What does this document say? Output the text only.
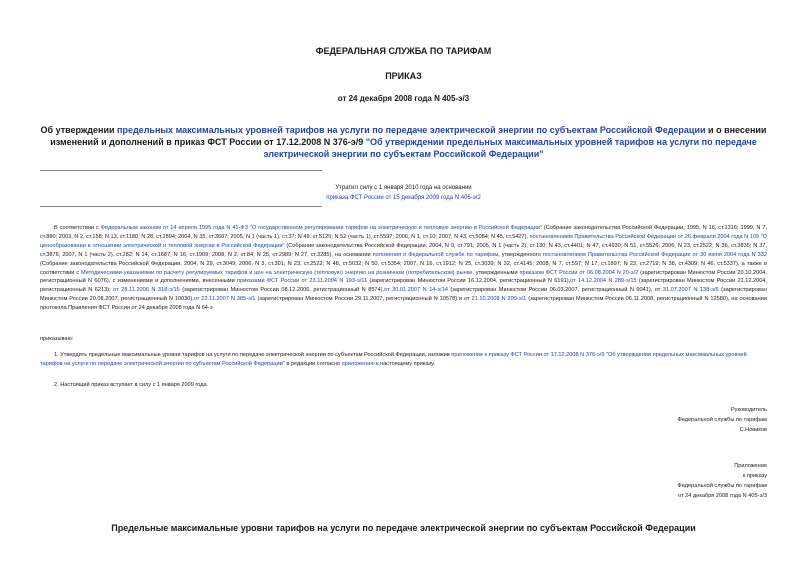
ФЕДЕРАЛЬНАЯ СЛУЖБА ПО ТАРИФАМ
ПРИКАЗ
от 24 декабря 2008 года N 405-э/3
Об утверждении предельных максимальных уровней тарифов на услуги по передаче электрической энергии по субъектам Российской Федерации и о внесении изменений и дополнений в приказ ФСТ России от 17.12.2008 N 376-э/9 "Об утверждении предельных максимальных уровней тарифов на услуги по передаче электрической энергии по субъектам Российской Федерации"
Утратил силу с 1 января 2010 года на основании
приказа ФСТ России от 15 декабря 2009 года N 406-э/2

В соответствии с Федеральным законом от 14 апреля 1995 года N 41-ФЗ "О государственном регулировании тарифов на электрическую и тепловую энергию в Российской Федерации" (Собрание законодательства Российской Федерации, 1995, N 16, ст.1316; 1999, N 7, ст.880; 2003, N 2, ст.158; N 13, ст.1180; N 28, ст.2894; 2004, N 35, ст.3607; 2005, N 1 (часть 1), ст.37; N 49, ст.5125; N 52 (часть 1), ст.5597; 2006, N 1, ст.10; 2007, N 43, ст.5084; N 45, ст.5427), постановлением Правительства Российской Федерации от 26 февраля 2004 года N 109 "О ценообразовании в отношении электрической и тепловой энергии в Российской Федерации" (Собрание законодательства Российской Федерации, 2004, N 9, ст.791; 2005, N 1 (часть 2), ст.130; N 43, ст.4401; N 47, ст.4930; N 51, ст.5526; 2006, N 23, ст.2522; N 36, ст.3835; N 37, ст.3876; 2007, N 1 (часть 2), ст.282; N 14, ст.1687; N 16, ст.1909; 2008, N 2, ст.84; N 25, ст.2989; N 27, ст.3285), на основании положения о Федеральной службе по тарифам, утвержденного постановлением Правительства Российской Федерации от 30 июня 2004 года N 332 (Собрание законодательства Российской Федерации, 2004, N 29, ст.3049; 2006, N 3, ст.301; N 23, ст.2522; N 48, ст.5032; N 50, ст.5354; 2007, N 16, ст.1912; N 25, ст.3039; N 32, ст.4145; 2008, N 7, ст.597; N 17, ст.1897; N 23, ст.2719; N 38, ст.4309; N 46, ст.5337), а также в соответствии с Методическими указаниями по расчету регулируемых тарифов и цен на электрическую (тепловую) энергию на розничном (потребительском) рынке, утвержденными приказом ФСТ России от 06.08.2004 N 20-э/2 (зарегистрирован Минюстом России 20.10.2004, регистрационный N 6076), с изменениями и дополнениями, внесенными приказами ФСТ России от 23.11.2004 N 193-э/11 (зарегистрирован Минюстом России 16.12.2004, регистрационный N 6191),от 14.12.2004 N 289-э/15 (зарегистрирован Минюстом России 21.12.2004, регистрационный N 6213); от 28.11.2006 N 318-э/15 (зарегистрирован Минюстом России 08.12.2006, регистрационный N 8574),от 30.01.2007 N 14-э/14 (зарегистрирован Минюстом России 06.03.2007, регистрационный N 9041), от 31.07.2007 N 138-э/6 (зарегистрирован Минюстом России 20.08.2007, регистрационный N 10030),от 23.11.2007 N 385-э/1 (зарегистрирован Минюстом России 29.11.2007, регистрационный N 10578) и от 21.10.2008 N 209-э/1 (зарегистрирован Минюстом России 06.11.2008, регистрационный N 12580), на основании протокола Правления ФСТ России от 24 декабря 2008 года N 64-э

приказываю:

1. Утвердить предельные максимальные уровни тарифов на услуги по передаче электрической энергии по субъектам Российской Федерации, изложив приложение к приказу ФСТ России от 17.12.2008 N 376-э/9 "Об утверждении предельных максимальных уровней тарифов на услуги по передаче электрической энергии по субъектам Российской Федерации" в редакции согласно приложению к настоящему приказу.

2. Настоящий приказ вступает в силу с 1 января 2009 года.

Руководитель
Федеральной службы по тарифам
С.Новиков
Приложение
к приказу
Федеральной службы по тарифам
от 24 декабря 2008 года N 405-э/3
Предельные максимальные уровни тарифов на услуги по передаче электрической энергии по субъектам Российской Федерации
